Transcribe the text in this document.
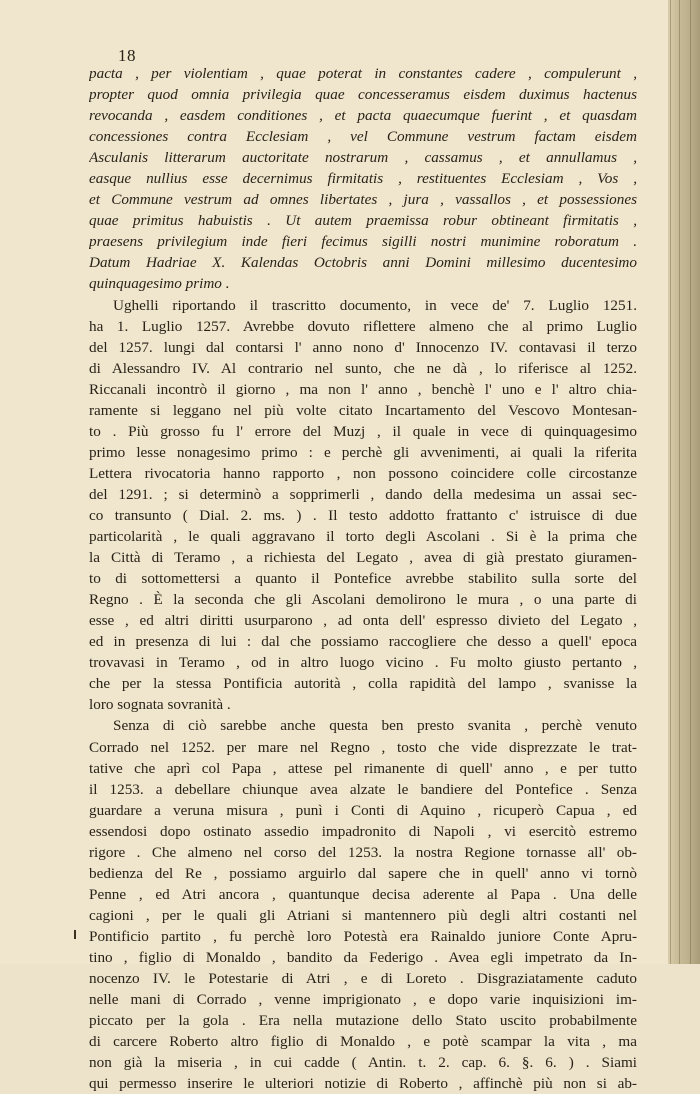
18
pacta , per violentiam , quae poterat in constantes cadere , compulerunt ,
propter quod omnia privilegia quae concesseramus eisdem duximus hactenus
revocanda , easdem conditiones , et pacta quaecumque fuerint , et quasdam
concessiones contra Ecclesiam , vel Commune vestrum factam eisdem
Asculanis litterarum auctoritate nostrarum , cassamus , et annullamus ,
easque nullius esse decernimus firmitatis , restituentes Ecclesiam , Vos ,
et Commune vestrum ad omnes libertates , jura , vassallos , et possessiones
quae primitus habuistis . Ut autem praemissa robur obtineant firmitatis ,
praesens privilegium inde fieri fecimus sigilli nostri munimine roboratum .
Datum Hadriae X. Kalendas Octobris anni Domini millesimo ducentesimo
quinquagesimo primo .
Ughelli riportando il trascritto documento, in vece de' 7. Luglio 1251.
ha 1. Luglio 1257. Avrebbe dovuto riflettere almeno che al primo Luglio
del 1257. lungi dal contarsi l' anno nono d' Innocenzo IV. contavasi il terzo
di Alessandro IV. Al contrario nel sunto, che ne dà , lo riferisce al 1252.
Riccanali incontrò il giorno , ma non l' anno , benchè l' uno e l' altro chia-
ramente si leggano nel più volte citato Incartamento del Vescovo Montesan-
to . Più grosso fu l' errore del Muzj , il quale in vece di quinquagesimo
primo lesse nonagesimo primo : e perchè gli avvenimenti, ai quali la riferita
Lettera rivocatoria hanno rapporto , non possono coincidere colle circostanze
del 1291. ; si determinò a sopprimerli , dando della medesima un assai sec-
co transunto ( Dial. 2. ms. ) . Il testo addotto frattanto c' istruisce di due
particolarità , le quali aggravano il torto degli Ascolani . Si è la prima che
la Città di Teramo , a richiesta del Legato , avea di già prestato giuramen-
to di sottomettersi a quanto il Pontefice avrebbe stabilito sulla sorte del
Regno . È la seconda che gli Ascolani demolirono le mura , o una parte di
esse , ed altri diritti usurparono , ad onta dell' espresso divieto del Legato ,
ed in presenza di lui : dal che possiamo raccogliere che desso a quell' epoca
trovavasi in Teramo , od in altro luogo vicino . Fu molto giusto pertanto ,
che per la stessa Pontificia autorità , colla rapidità del lampo , svanisse la
loro sognata sovranità .
Senza di ciò sarebbe anche questa ben presto svanita , perchè venuto
Corrado nel 1252. per mare nel Regno , tosto che vide disprezzate le trat-
tative che aprì col Papa , attese pel rimanente di quell' anno , e per tutto
il 1253. a debellare chiunque avea alzate le bandiere del Pontefice . Senza
guardare a veruna misura , punì i Conti di Aquino , ricuperò Capua , ed
essendosi dopo ostinato assedio impadronito di Napoli , vi esercitò estremo
rigore . Che almeno nel corso del 1253. la nostra Regione tornasse all' ob-
bedienza del Re , possiamo arguirlo dal sapere che in quell' anno vi tornò
Penne , ed Atri ancora , quantunque decisa aderente al Papa . Una delle
cagioni , per le quali gli Atriani si mantennero più degli altri costanti nel
Pontificio partito , fu perchè loro Potestà era Rainaldo juniore Conte Apru-
tino , figlio di Monaldo , bandito da Federigo . Avea egli impetrato da In-
nocenzo IV. le Potestarie di Atri , e di Loreto . Disgraziatamente caduto
nelle mani di Corrado , venne imprigionato , e dopo varie inquisizioni im-
piccato per la gola . Era nella mutazione dello Stato uscito probabilmente
di carcere Roberto altro figlio di Monaldo , e potè scampar la vita , ma
non già la miseria , in cui cadde ( Antin. t. 2. cap. 6. §. 6. ) . Siami
qui permesso inserire le ulteriori notizie di Roberto , affinchè più non si ab-
